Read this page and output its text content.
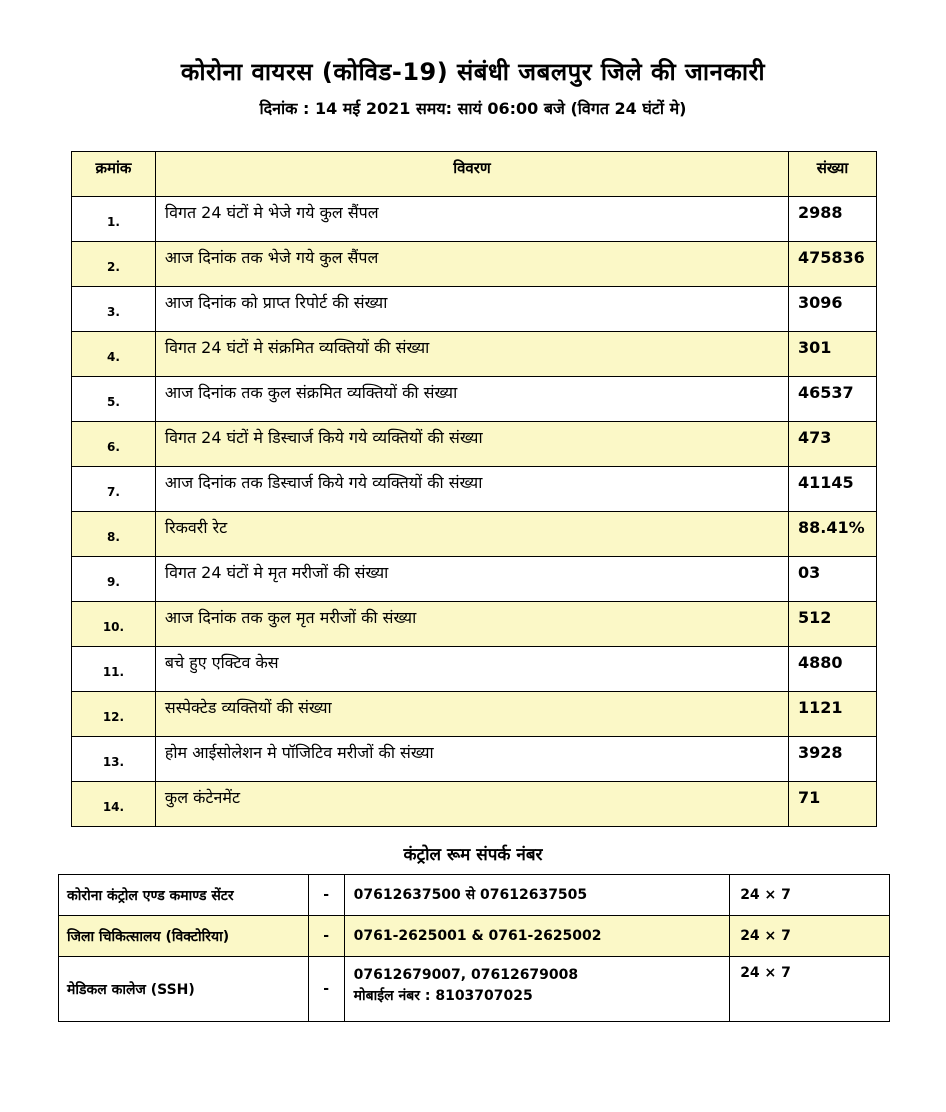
कोरोना वायरस (कोविड-19) संबंधी जबलपुर जिले की जानकारी
दिनांक : 14 मई 2021 समय: सायं 06:00 बजे (विगत 24 घंटों मे)
क्रमांक	विवरण	संख्या
1.	विगत 24 घंटों मे भेजे गये कुल सैंपल	2988
2.	आज दिनांक तक भेजे गये कुल सैंपल	475836
3.	आज दिनांक को प्राप्त रिपोर्ट की संख्या	3096
4.	विगत 24 घंटों मे संक्रमित व्यक्तियों की संख्या	301
5.	आज दिनांक तक कुल संक्रमित व्यक्तियों की संख्या	46537
6.	विगत 24 घंटों मे डिस्चार्ज किये गये व्यक्तियों की संख्या	473
7.	आज दिनांक तक डिस्चार्ज किये गये व्यक्तियों की संख्या	41145
8.	रिकवरी रेट	88.41%
9.	विगत 24 घंटों मे मृत मरीजों की संख्या	03
10.	आज दिनांक तक कुल मृत मरीजों की संख्या	512
11.	बचे हुए एक्टिव केस	4880
12.	सस्पेक्टेड व्यक्तियों की संख्या	1121
13.	होम आईसोलेशन मे पॉजिटिव मरीजों की संख्या	3928
14.	कुल कंटेनमेंट	71
कंट्रोल रूम संपर्क नंबर
कोरोना कंट्रोल एण्ड कमाण्ड सेंटर	-	07612637500 से 07612637505	24 × 7
जिला चिकित्सालय (विक्टोरिया)	-	0761-2625001 & 0761-2625002	24 × 7
मेडिकल कालेज (SSH)	-	07612679007, 07612679008
मोबाईल नंबर : 8103707025	24 × 7
